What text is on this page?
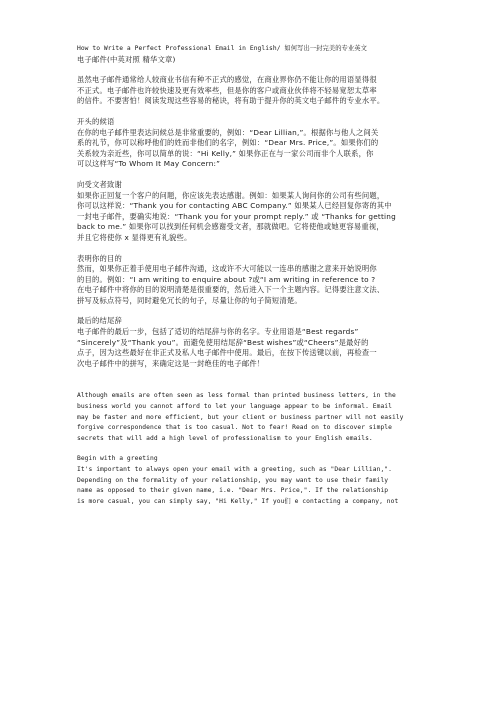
How to Write a Perfect Professional Email in English/ 如何写出一封完美的专业英文
电子邮件(中英对照 精华文章)
虽然电子邮件通常给人较商业书信有种不正式的感觉，在商业界你仍不能让你的用语显得很
不正式。电子邮件也许较快速及更有效率些，但是你的客户或商业伙伴将不轻易宽恕太草率
的信件。不要害怕！阅读发现这些容易的秘诀，将有助于提升你的英文电子邮件的专业水平。
开头的候语
在你的电子邮件里表达问候总是非常重要的，例如：“Dear Lillian,”。根据你与他人之间关
系的礼节，你可以称呼他们的姓而非他们的名字，例如：“Dear Mrs. Price,”。如果你们的
关系较为亲近些，你可以简单的说：“Hi Kelly,” 如果你正在与一家公司而非个人联系，你
可以这样写“To Whom It May Concern:”
向受文者致谢
如果你正回复一个客户的问题，你应该先表达感谢。例如：如果某人询问你的公司有些问题，
你可以这样说：“Thank you for contacting ABC Company.” 如果某人已经回复你寄的其中
一封电子邮件，要确实地说：“Thank you for your prompt reply.” 或 “Thanks for getting
back to me.” 如果你可以找到任何机会感谢受文者，那就做吧。它将使他或她更容易重视，
并且它将使你 x 显得更有礼貌些。
表明你的目的
然而，如果你正着手使用电子邮件沟通，这或许不大可能以一连串的感谢之意来开始说明你
的目的。例如：“I am writing to enquire about ?或“I am writing in reference to ?
在电子邮件中将你的目的说明清楚是很重要的，然后进入下一个主题内容。记得要注意文法、
拼写及标点符号，同时避免冗长的句子，尽量让你的句子简短清楚。
最后的结尾辞
电子邮件的最后一步，包括了适切的结尾辞与你的名字。专业用语是“Best regards”
“Sincerely”及“Thank you”。而避免使用结尾辞“Best wishes”或“Cheers”是最好的
点子，因为这些最好在非正式及私人电子邮件中使用。最后，在按下传送键以前，再检查一
次电子邮件中的拼写，来确定这是一封绝佳的电子邮件！
Although emails are often seen as less formal than printed business letters, in the
business world you cannot afford to let your language appear to be informal. Email
may be faster and more efficient, but your client or business partner will not easily
forgive correspondence that is too casual. Not to fear! Read on to discover simple
secrets that will add a high level of professionalism to your English emails.
Begin with a greeting
It's important to always open your email with a greeting, such as "Dear Lillian,".
Depending on the formality of your relationship, you may want to use their family
name as opposed to their given name, i.e. "Dear Mrs. Price,". If the relationship
is more casual, you can simply say, "Hi Kelly," If you们 e contacting a company, not
